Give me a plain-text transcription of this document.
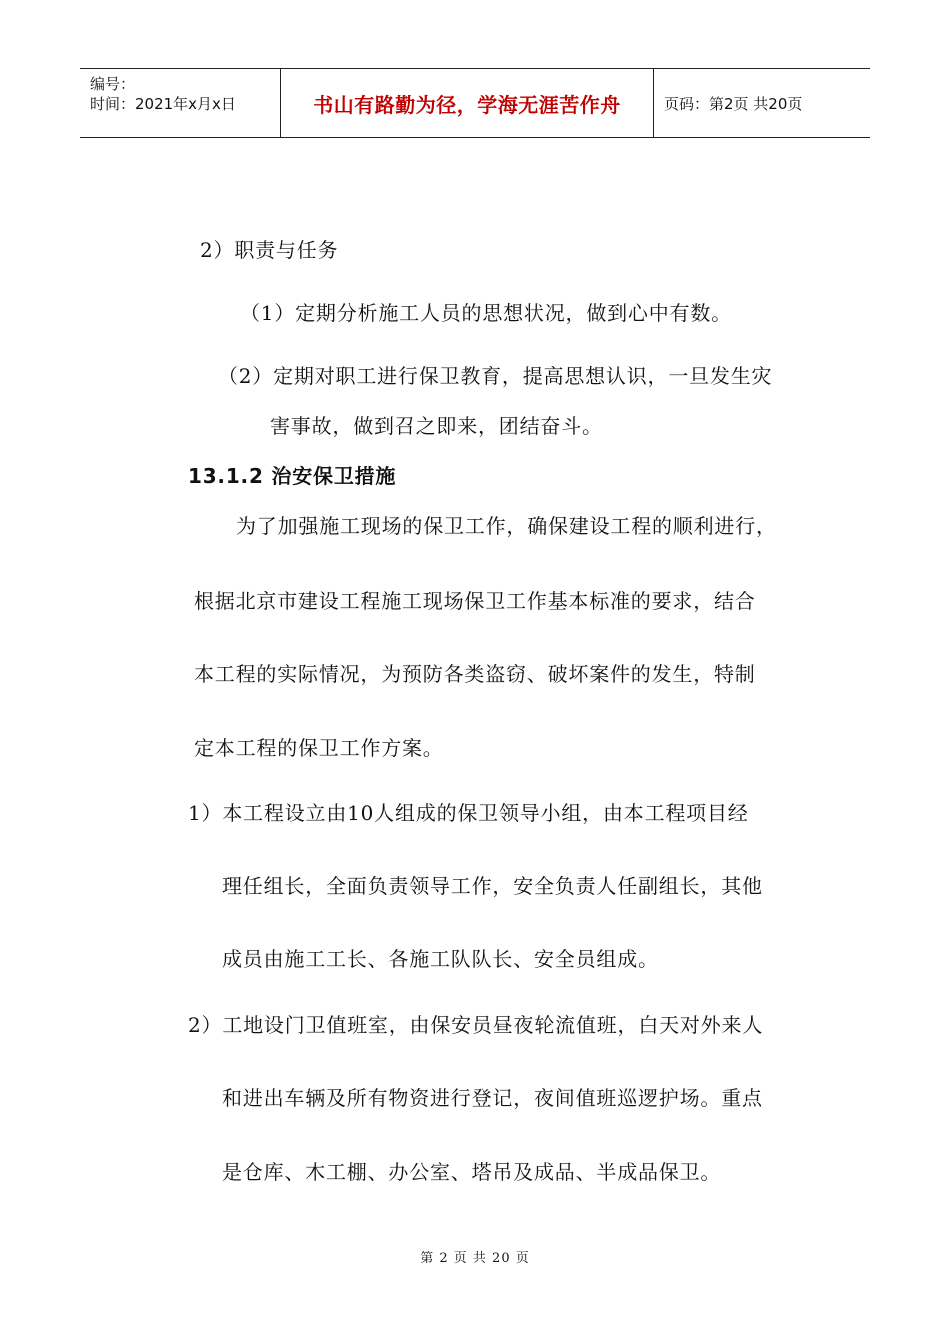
编号：
时间：2021年x月x日	书山有路勤为径，学海无涯苦作舟	页码：第2页 共20页
2）职责与任务
（1）定期分析施工人员的思想状况，做到心中有数。
（2）定期对职工进行保卫教育，提高思想认识，一旦发生灾
害事故，做到召之即来，团结奋斗。
13.1.2 治安保卫措施
为了加强施工现场的保卫工作，确保建设工程的顺利进行，
根据北京市建设工程施工现场保卫工作基本标准的要求，结合
本工程的实际情况，为预防各类盗窃、破坏案件的发生，特制
定本工程的保卫工作方案。
1）本工程设立由10人组成的保卫领导小组，由本工程项目经
理任组长，全面负责领导工作，安全负责人任副组长，其他
成员由施工工长、各施工队队长、安全员组成。
2）工地设门卫值班室，由保安员昼夜轮流值班，白天对外来人
和进出车辆及所有物资进行登记，夜间值班巡逻护场。重点
是仓库、木工棚、办公室、塔吊及成品、半成品保卫。
第 2 页 共 20 页
